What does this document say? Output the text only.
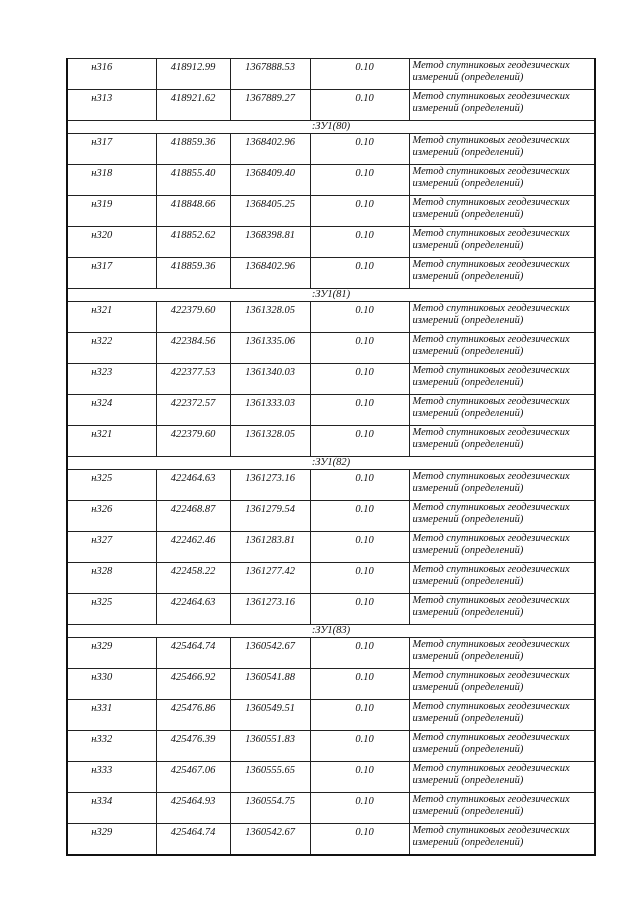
н316	418912.99	1367888.53	0.10	Метод спутниковых геодезических измерений (определений)
н313	418921.62	1367889.27	0.10	Метод спутниковых геодезических измерений (определений)
:ЗУ1(80)				
н317	418859.36	1368402.96	0.10	Метод спутниковых геодезических измерений (определений)
н318	418855.40	1368409.40	0.10	Метод спутниковых геодезических измерений (определений)
н319	418848.66	1368405.25	0.10	Метод спутниковых геодезических измерений (определений)
н320	418852.62	1368398.81	0.10	Метод спутниковых геодезических измерений (определений)
н317	418859.36	1368402.96	0.10	Метод спутниковых геодезических измерений (определений)
:ЗУ1(81)				
н321	422379.60	1361328.05	0.10	Метод спутниковых геодезических измерений (определений)
н322	422384.56	1361335.06	0.10	Метод спутниковых геодезических измерений (определений)
н323	422377.53	1361340.03	0.10	Метод спутниковых геодезических измерений (определений)
н324	422372.57	1361333.03	0.10	Метод спутниковых геодезических измерений (определений)
н321	422379.60	1361328.05	0.10	Метод спутниковых геодезических измерений (определений)
:ЗУ1(82)				
н325	422464.63	1361273.16	0.10	Метод спутниковых геодезических измерений (определений)
н326	422468.87	1361279.54	0.10	Метод спутниковых геодезических измерений (определений)
н327	422462.46	1361283.81	0.10	Метод спутниковых геодезических измерений (определений)
н328	422458.22	1361277.42	0.10	Метод спутниковых геодезических измерений (определений)
н325	422464.63	1361273.16	0.10	Метод спутниковых геодезических измерений (определений)
:ЗУ1(83)				
н329	425464.74	1360542.67	0.10	Метод спутниковых геодезических измерений (определений)
н330	425466.92	1360541.88	0.10	Метод спутниковых геодезических измерений (определений)
н331	425476.86	1360549.51	0.10	Метод спутниковых геодезических измерений (определений)
н332	425476.39	1360551.83	0.10	Метод спутниковых геодезических измерений (определений)
н333	425467.06	1360555.65	0.10	Метод спутниковых геодезических измерений (определений)
н334	425464.93	1360554.75	0.10	Метод спутниковых геодезических измерений (определений)
н329	425464.74	1360542.67	0.10	Метод спутниковых геодезических измерений (определений)
